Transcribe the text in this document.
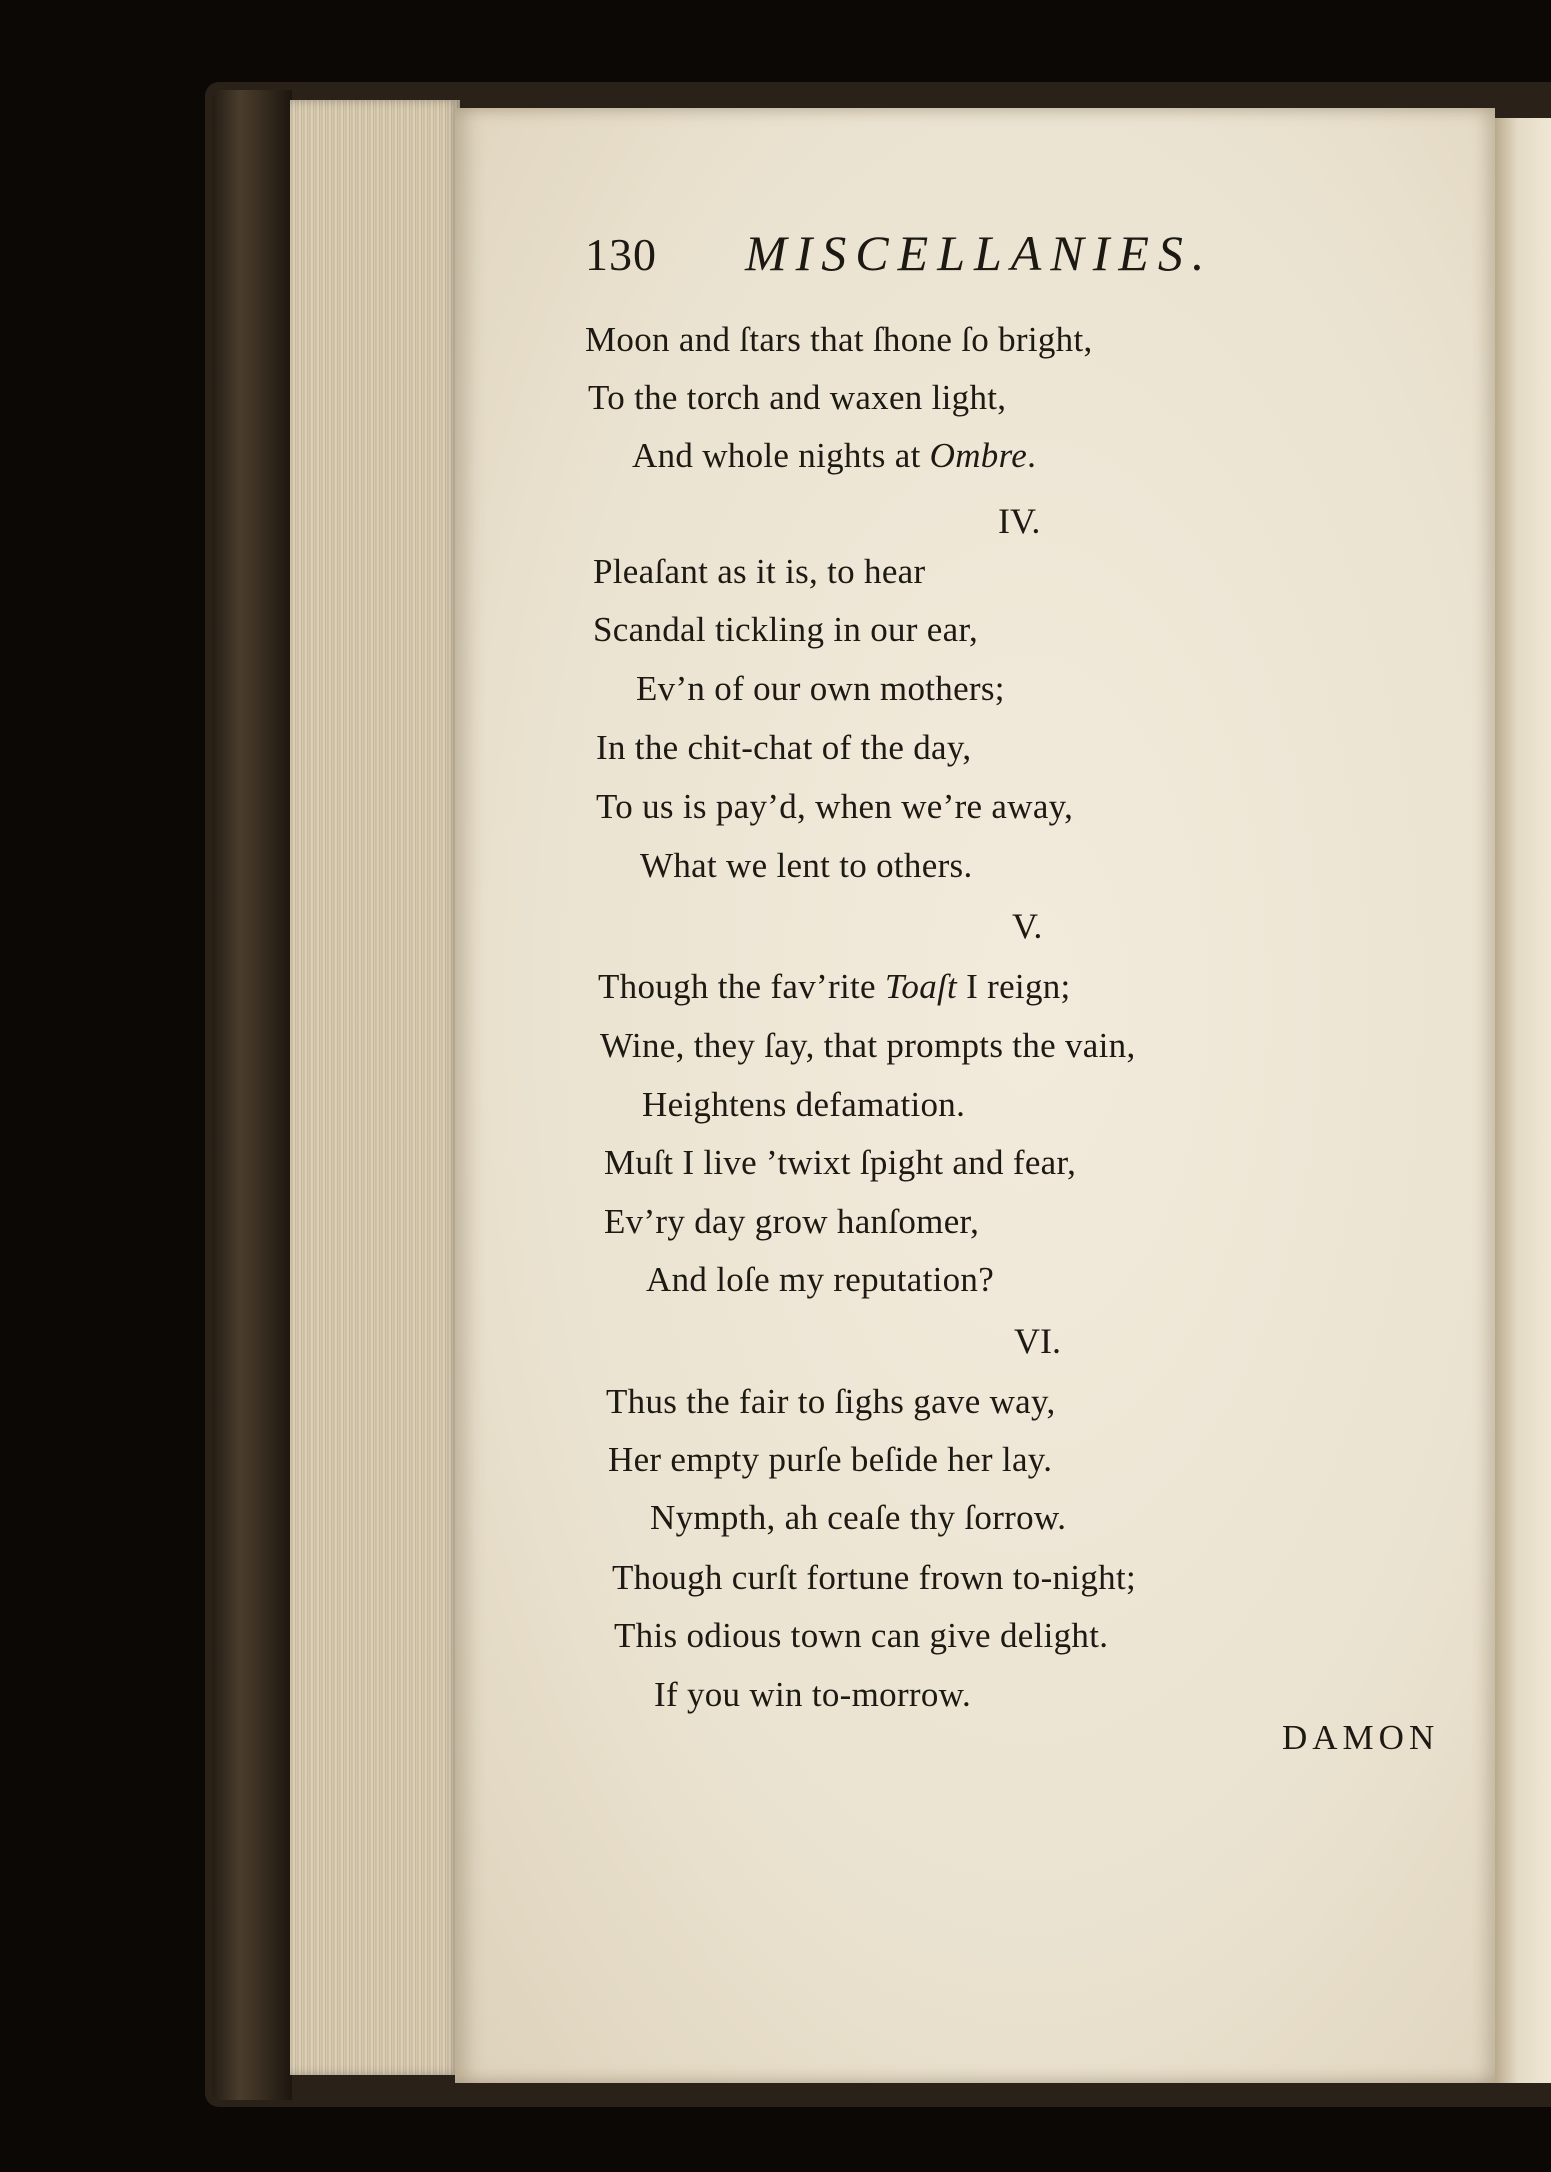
130 MISCELLANIES.
Moon and ſtars that ſhone ſo bright,
To the torch and waxen light,
And whole nights at Ombre.
IV.
Pleaſant as it is, to hear
Scandal tickling in our ear,
Ev’n of our own mothers;
In the chit-chat of the day,
To us is pay’d, when we’re away,
What we lent to others.
V.
Though the fav’rite Toaſt I reign;
Wine, they ſay, that prompts the vain,
Heightens defamation.
Muſt I live ’twixt ſpight and fear,
Ev’ry day grow hanſomer,
And loſe my reputation?
VI.
Thus the fair to ſighs gave way,
Her empty purſe beſide her lay.
Nympth, ah ceaſe thy ſorrow.
Though curſt fortune frown to-night;
This odious town can give delight.
If you win to-morrow.
DAMON
